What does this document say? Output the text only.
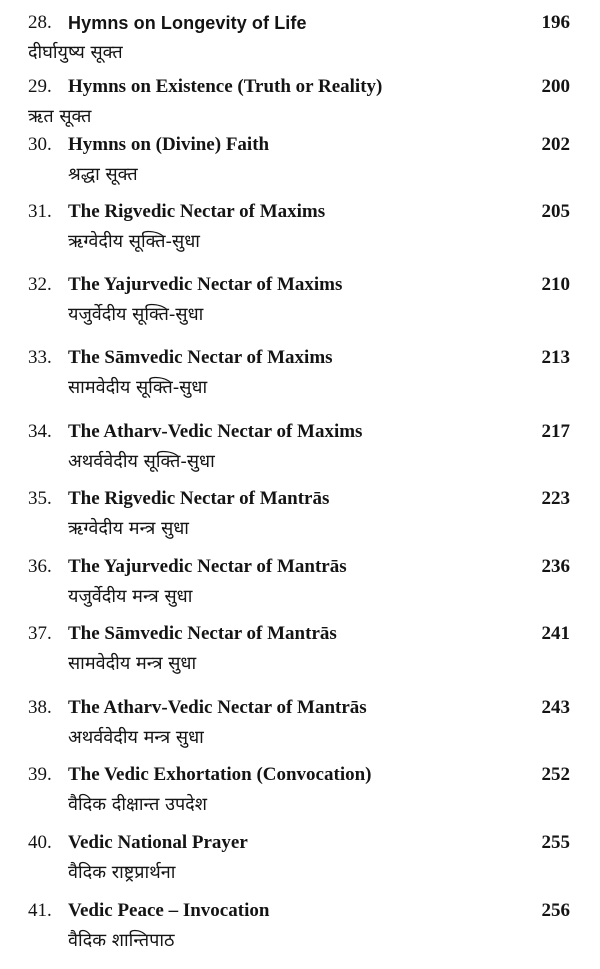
28. Hymns on Longevity of Life	196
दीर्घायुष्य सूक्त
29. Hymns on Existence (Truth or Reality)	200
ऋत सूक्त
30. Hymns on (Divine) Faith	202
श्रद्धा सूक्त
31. The Rigvedic Nectar of Maxims	205
ऋग्वेदीय सूक्ति-सुधा
32. The Yajurvedic Nectar of Maxims	210
यजुर्वेदीय सूक्ति-सुधा
33. The Sāmvedic Nectar of Maxims	213
सामवेदीय सूक्ति-सुधा
34. The Atharv-Vedic Nectar of Maxims	217
अथर्ववेदीय सूक्ति-सुधा
35. The Rigvedic Nectar of Mantrās	223
ऋग्वेदीय मन्त्र सुधा
36. The Yajurvedic Nectar of Mantrās	236
यजुर्वेदीय मन्त्र सुधा
37. The Sāmvedic Nectar of Mantrās	241
सामवेदीय मन्त्र सुधा
38. The Atharv-Vedic Nectar of Mantrās	243
अथर्ववेदीय मन्त्र सुधा
39. The Vedic Exhortation (Convocation)	252
वैदिक दीक्षान्त उपदेश
40. Vedic National Prayer	255
वैदिक राष्ट्रप्रार्थना
41. Vedic Peace – Invocation	256
वैदिक शान्तिपाठ
